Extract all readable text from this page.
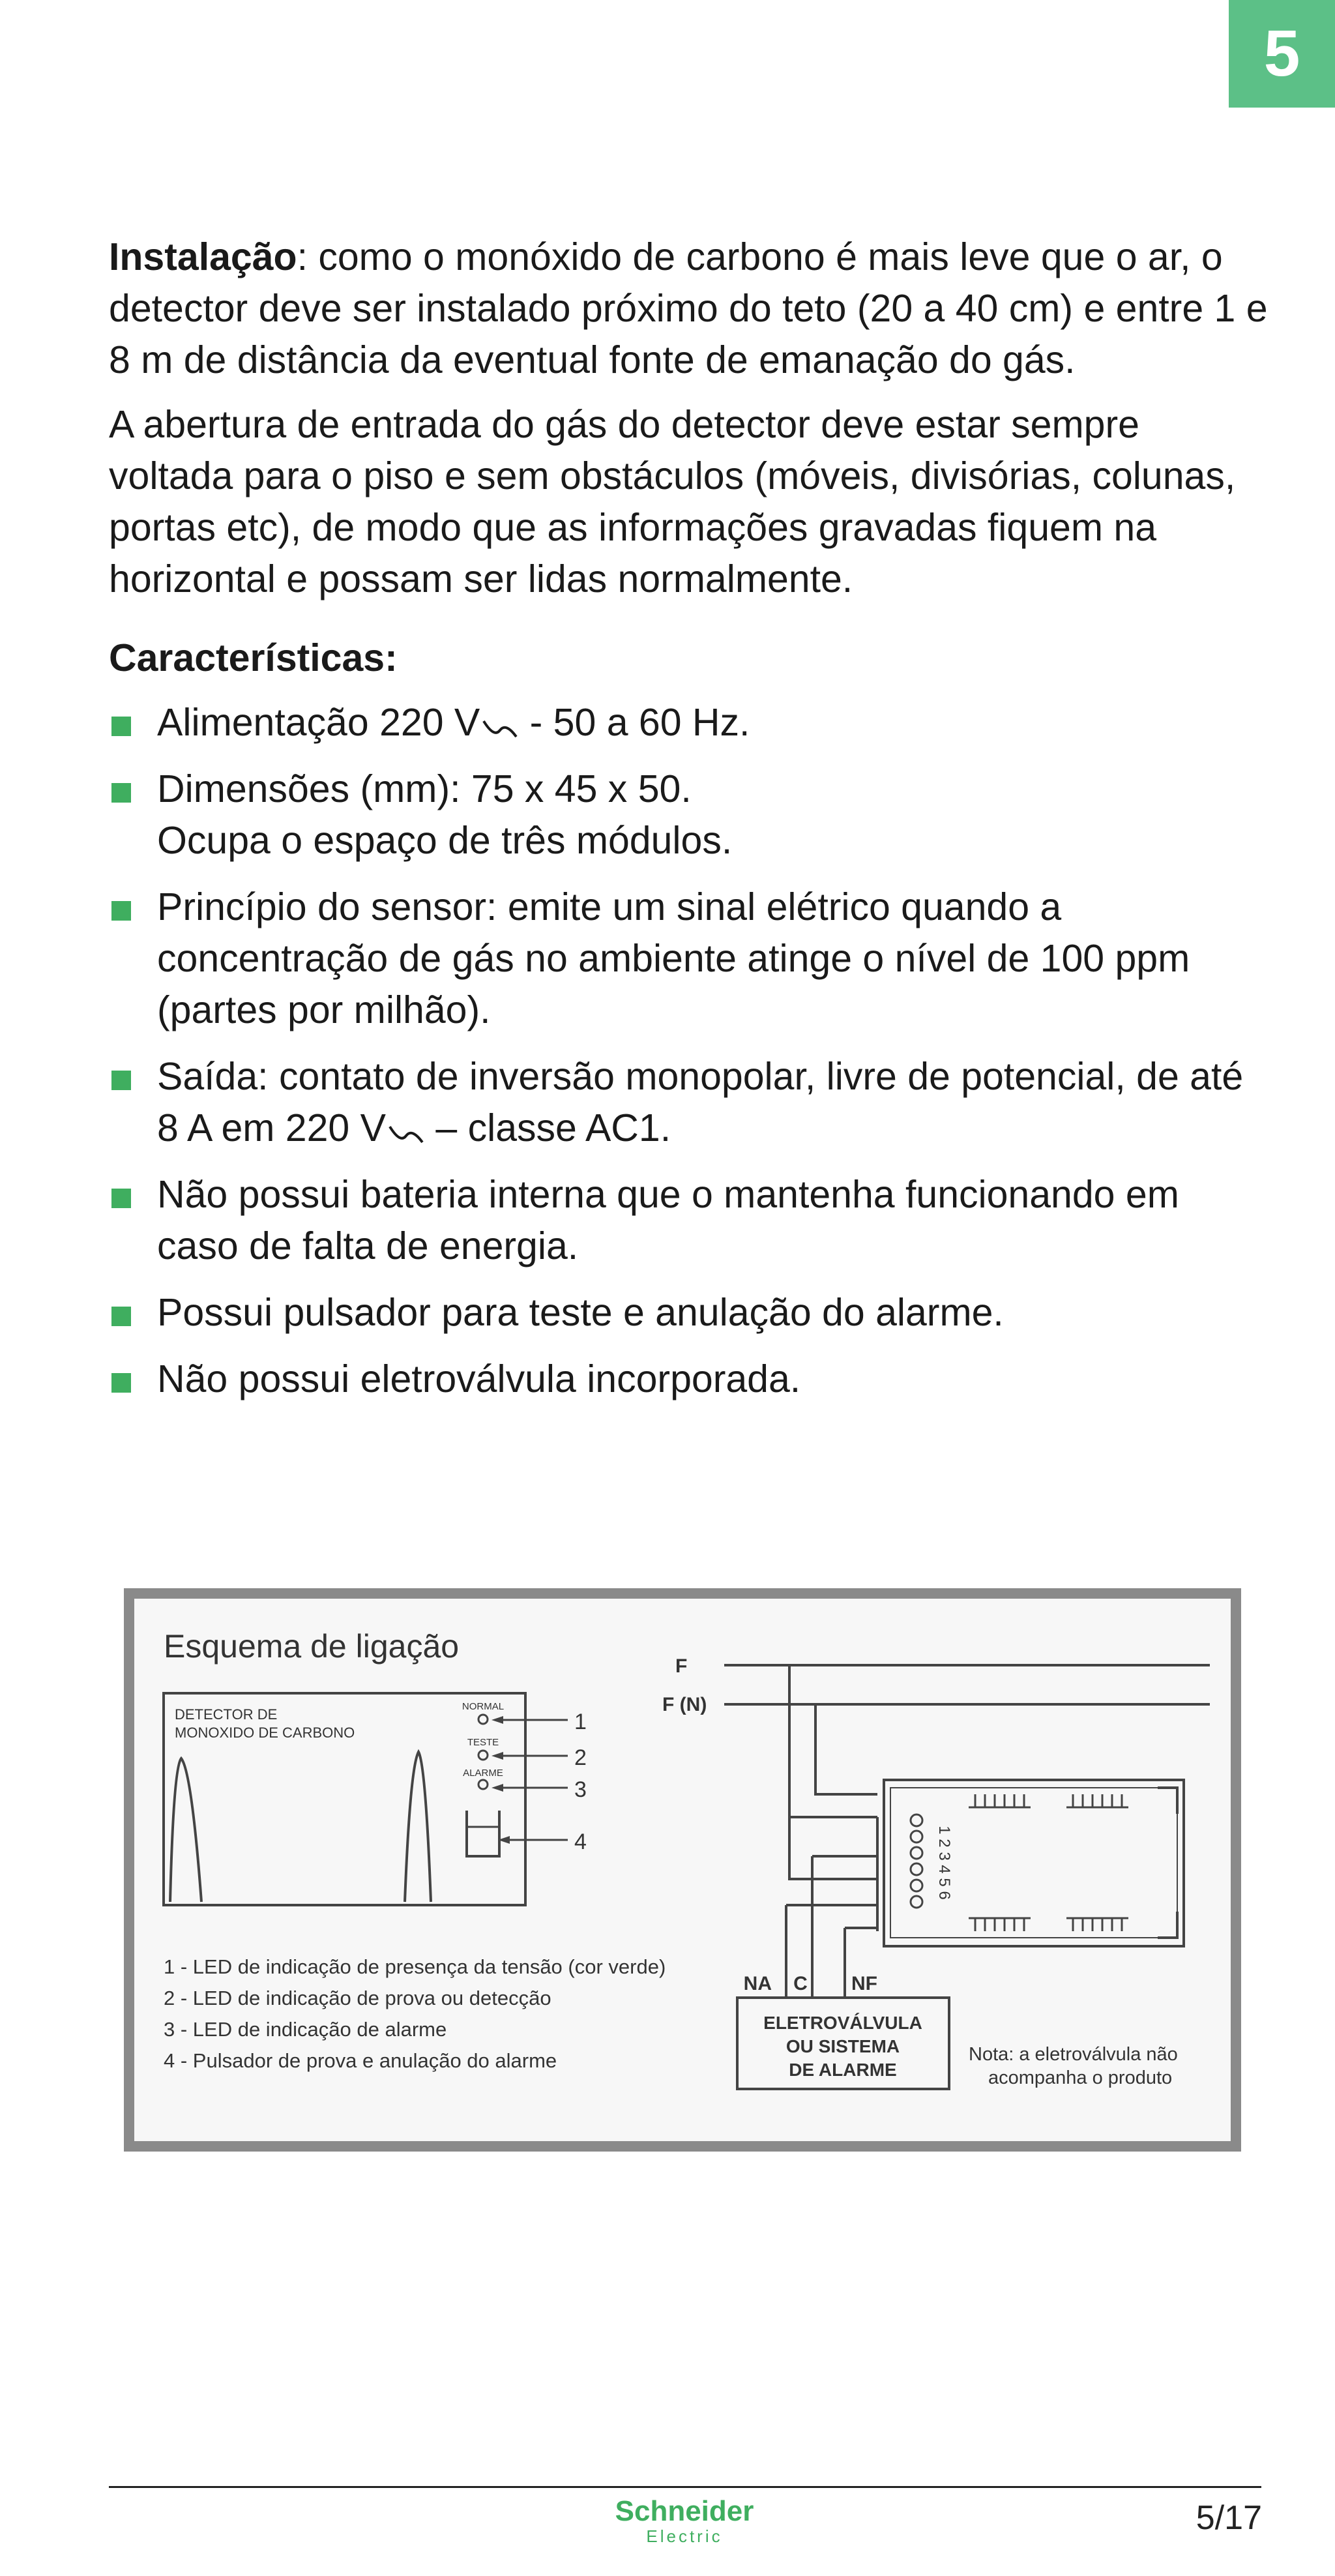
5

Instalação: como o monóxido de carbono é mais leve que o ar, o detector deve ser instalado próximo do teto (20 a 40 cm) e entre 1 e 8 m de distância da eventual fonte de emanação do gás.

A abertura de entrada do gás do detector deve estar sempre voltada para o piso e sem obstáculos (móveis, divisórias, colunas, portas etc), de modo que as informações gravadas fiquem na horizontal e possam ser lidas normalmente.

Características:
Alimentação 220 V - 50 a 60 Hz.
Dimensões (mm): 75 x 45 x 50.
Ocupa o espaço de três módulos.
Princípio do sensor: emite um sinal elétrico quando a concentração de gás no ambiente atinge o nível de 100 ppm (partes por milhão).
Saída: contato de inversão monopolar, livre de potencial, de até 8 A em 220 V – classe AC1.
Não possui bateria interna que o mantenha funcionando em caso de falta de energia.
Possui pulsador para teste e anulação do alarme.
Não possui eletroválvula incorporada.
Esquema de ligação
DETECTOR DE
MONOXIDO DE CARBONO
NORMAL
TESTE
ALARME
1
2
3
4
F
F (N)
1 2 3 4 5 6
NA C NF
ELETROVÁLVULA
OU SISTEMA
DE ALARME
1 - LED de indicação de presença da tensão (cor verde)
2 - LED de indicação de prova ou detecção
3 - LED de indicação de alarme
4 - Pulsador de prova e anulação do alarme	Nota: a eletroválvula não
acompanha o produto
Schneider
Electric	5/17
